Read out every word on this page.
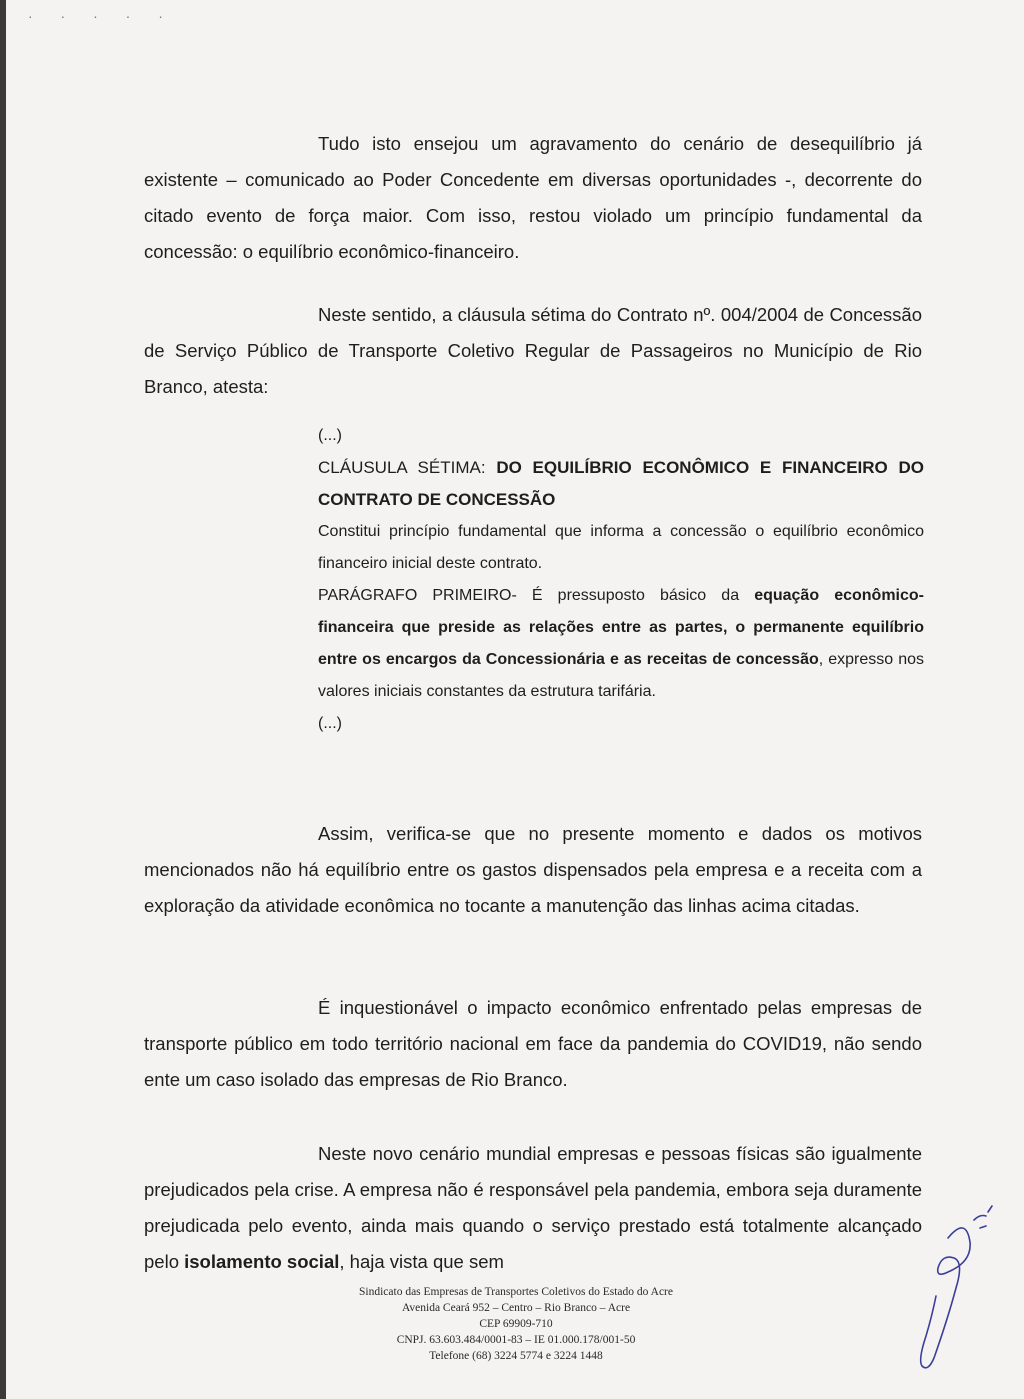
· · · · ·

Tudo isto ensejou um agravamento do cenário de desequilíbrio já existente – comunicado ao Poder Concedente em diversas oportunidades -, decorrente do citado evento de força maior. Com isso, restou violado um princípio fundamental da concessão: o equilíbrio econômico-financeiro.

Neste sentido, a cláusula sétima do Contrato nº. 004/2004 de Concessão de Serviço Público de Transporte Coletivo Regular de Passageiros no Município de Rio Branco, atesta:

(...)

CLÁUSULA SÉTIMA: DO EQUILÍBRIO ECONÔMICO E FINANCEIRO DO CONTRATO DE CONCESSÃO

Constitui princípio fundamental que informa a concessão o equilíbrio econômico financeiro inicial deste contrato.

PARÁGRAFO PRIMEIRO- É pressuposto básico da equação econômico-financeira que preside as relações entre as partes, o permanente equilíbrio entre os encargos da Concessionária e as receitas de concessão, expresso nos valores iniciais constantes da estrutura tarifária.

(...)

Assim, verifica-se que no presente momento e dados os motivos mencionados não há equilíbrio entre os gastos dispensados pela empresa e a receita com a exploração da atividade econômica no tocante a manutenção das linhas acima citadas.

É inquestionável o impacto econômico enfrentado pelas empresas de transporte público em todo território nacional em face da pandemia do COVID19, não sendo ente um caso isolado das empresas de Rio Branco.

Neste novo cenário mundial empresas e pessoas físicas são igualmente prejudicados pela crise. A empresa não é responsável pela pandemia, embora seja duramente prejudicada pelo evento, ainda mais quando o serviço prestado está totalmente alcançado pelo isolamento social, haja vista que sem

Sindicato das Empresas de Transportes Coletivos do Estado do Acre
Avenida Ceará 952 – Centro – Rio Branco – Acre
CEP 69909-710
CNPJ. 63.603.484/0001-83 – IE 01.000.178/001-50
Telefone (68) 3224 5774 e 3224 1448
